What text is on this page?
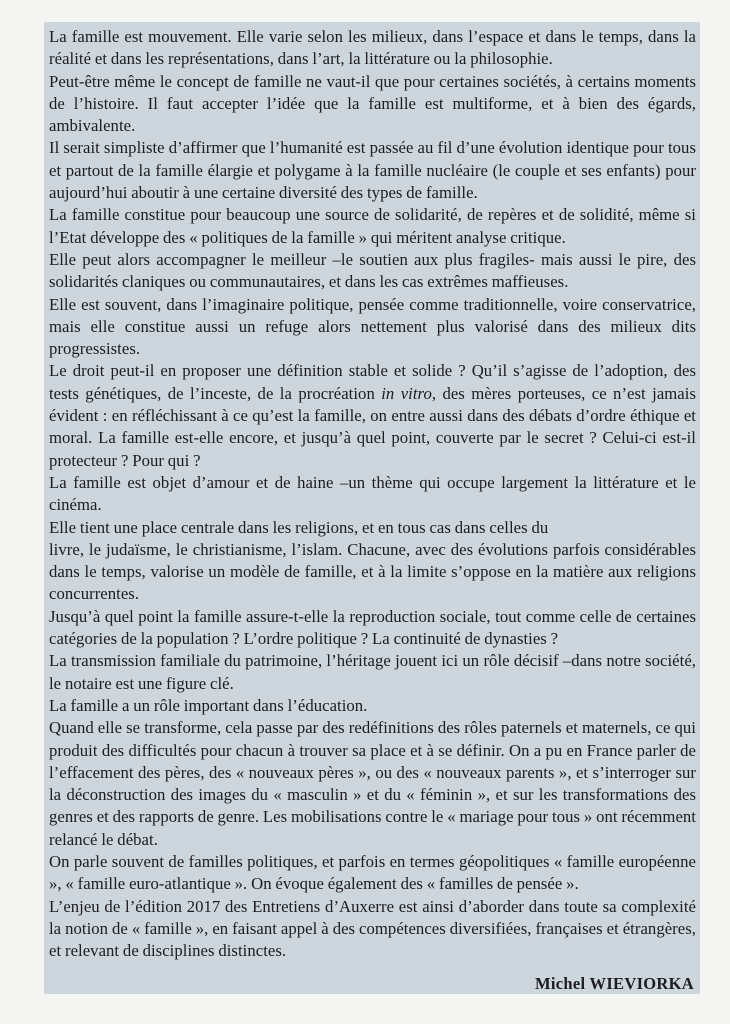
La famille est mouvement. Elle varie selon les milieux, dans l’espace et dans le temps, dans la réalité et dans les représentations, dans l’art, la littérature ou la philosophie.

Peut-être même le concept de famille ne vaut-il que pour certaines sociétés, à certains moments de l’histoire. Il faut accepter l’idée que la famille est multiforme, et à bien des égards, ambivalente.

Il serait simpliste d’affirmer que l’humanité est passée au fil d’une évolution identique pour tous et partout de la famille élargie et polygame à la famille nucléaire (le couple et ses enfants) pour aujourd’hui aboutir à une certaine diversité des types de famille.

La famille constitue pour beaucoup une source de solidarité, de repères et de solidité, même si l’Etat développe des « politiques de la famille » qui méritent analyse critique.

Elle peut alors accompagner le meilleur –le soutien aux plus fragiles- mais aussi le pire, des solidarités claniques ou communautaires, et dans les cas extrêmes maffieuses.

Elle est souvent, dans l’imaginaire politique, pensée comme traditionnelle, voire conservatrice, mais elle constitue aussi un refuge alors nettement plus valorisé dans des milieux dits progressistes.

Le droit peut-il en proposer une définition stable et solide ? Qu’il s’agisse de l’adoption, des tests génétiques, de l’inceste, de la procréation in vitro, des mères porteuses, ce n’est jamais évident : en réfléchissant à ce qu’est la famille, on entre aussi dans des débats d’ordre éthique et moral. La famille est-elle encore, et jusqu’à quel point, couverte par le secret ? Celui-ci est-il protecteur ? Pour qui ?

La famille est objet d’amour et de haine –un thème qui occupe largement la littérature et le cinéma.

Elle tient une place centrale dans les religions, et en tous cas dans celles du

livre, le judaïsme, le christianisme, l’islam. Chacune, avec des évolutions parfois considérables dans le temps, valorise un modèle de famille, et à la limite s’oppose en la matière aux religions concurrentes.

Jusqu’à quel point la famille assure-t-elle la reproduction sociale, tout comme celle de certaines catégories de la population ? L’ordre politique ? La continuité de dynasties ?

La transmission familiale du patrimoine, l’héritage jouent ici un rôle décisif –dans notre société, le notaire est une figure clé.

La famille a un rôle important dans l’éducation.

Quand elle se transforme, cela passe par des redéfinitions des rôles paternels et maternels, ce qui produit des difficultés pour chacun à trouver sa place et à se définir. On a pu en France parler de l’effacement des pères, des « nouveaux pères », ou des « nouveaux parents », et s’interroger sur la déconstruction des images du « masculin » et du « féminin », et sur les transformations des genres et des rapports de genre. Les mobilisations contre le « mariage pour tous » ont récemment relancé le débat.

On parle souvent de familles politiques, et parfois en termes géopolitiques « famille européenne », « famille euro-atlantique ». On évoque également des « familles de pensée ».

L’enjeu de l’édition 2017 des Entretiens d’Auxerre est ainsi d’aborder dans toute sa complexité la notion de « famille », en faisant appel à des compétences diversifiées, françaises et étrangères, et relevant de disciplines distinctes.

Michel WIEVIORKA
